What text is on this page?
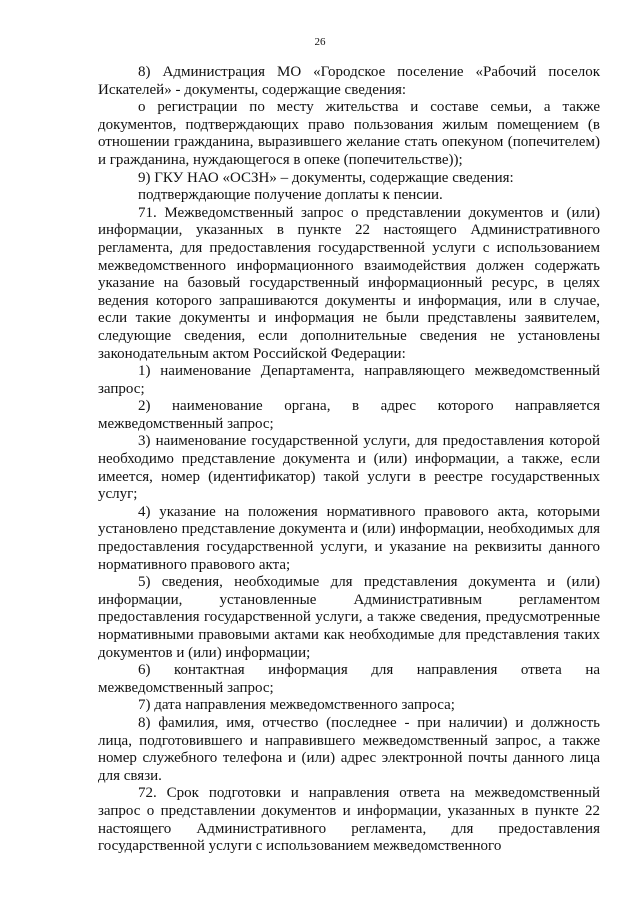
26

8) Администрация МО «Городское поселение «Рабочий поселок Искателей» - документы, содержащие сведения:

о регистрации по месту жительства и составе семьи, а также документов, подтверждающих право пользования жилым помещением (в отношении гражданина, выразившего желание стать опекуном (попечителем) и гражданина, нуждающегося в опеке (попечительстве));

9) ГКУ НАО «ОСЗН» – документы, содержащие сведения:

подтверждающие получение доплаты к пенсии.

71. Межведомственный запрос о представлении документов и (или) информации, указанных в пункте 22 настоящего Административного регламента, для предоставления государственной услуги с использованием межведомственного информационного взаимодействия должен содержать указание на базовый государственный информационный ресурс, в целях ведения которого запрашиваются документы и информация, или в случае, если такие документы и информация не были представлены заявителем, следующие сведения, если дополнительные сведения не установлены законодательным актом Российской Федерации:

1) наименование Департамента, направляющего межведомственный запрос;

2) наименование органа, в адрес которого направляется межведомственный запрос;

3) наименование государственной услуги, для предоставления которой необходимо представление документа и (или) информации, а также, если имеется, номер (идентификатор) такой услуги в реестре государственных услуг;

4) указание на положения нормативного правового акта, которыми установлено представление документа и (или) информации, необходимых для предоставления государственной услуги, и указание на реквизиты данного нормативного правового акта;

5) сведения, необходимые для представления документа и (или) информации, установленные Административным регламентом предоставления государственной услуги, а также сведения, предусмотренные нормативными правовыми актами как необходимые для представления таких документов и (или) информации;

6) контактная информация для направления ответа на межведомственный запрос;

7) дата направления межведомственного запроса;

8) фамилия, имя, отчество (последнее - при наличии) и должность лица, подготовившего и направившего межведомственный запрос, а также номер служебного телефона и (или) адрес электронной почты данного лица для связи.

72. Срок подготовки и направления ответа на межведомственный запрос о представлении документов и информации, указанных в пункте 22 настоящего Административного регламента, для предоставления государственной услуги с использованием межведомственного
